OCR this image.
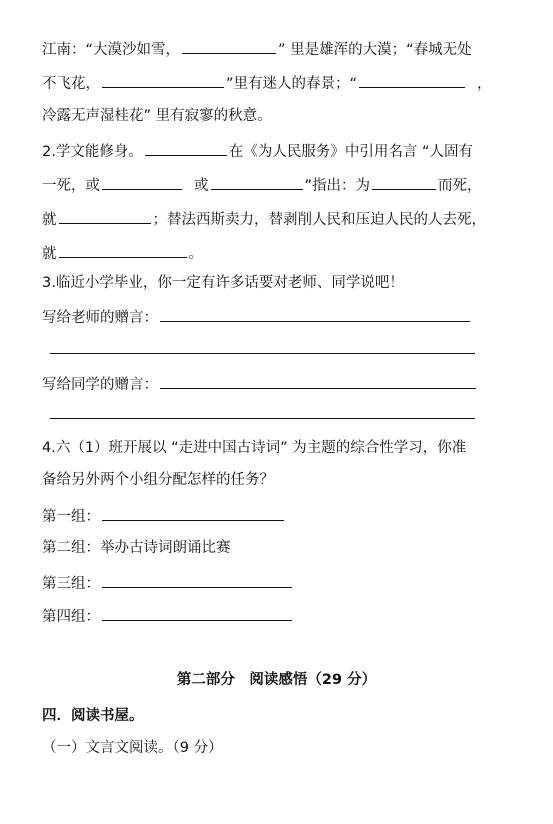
江南：“大漠沙如雪，	” 里是雄浑的大漠；“春城无处
不飞花，	”里有迷人的春景；“	，
冷露无声湿桂花” 里有寂寥的秋意。
2.学文能修身。	在《为人民服务》中引用名言 “人固有
一死，或	或	”指出：为	而死，
就	；替法西斯卖力，替剥削人民和压迫人民的人去死，
就	。
3.临近小学毕业，你一定有许多话要对老师、同学说吧！
写给老师的赠言：
写给同学的赠言：
4.六（1）班开展以 “走进中国古诗词” 为主题的综合性学习，你准
备给另外两个小组分配怎样的任务？
第一组：
第二组：举办古诗词朗诵比赛
第三组：
第四组：
第二部分　阅读感悟（29 分）
四．阅读书屋。
（一）文言文阅读。（9 分）
